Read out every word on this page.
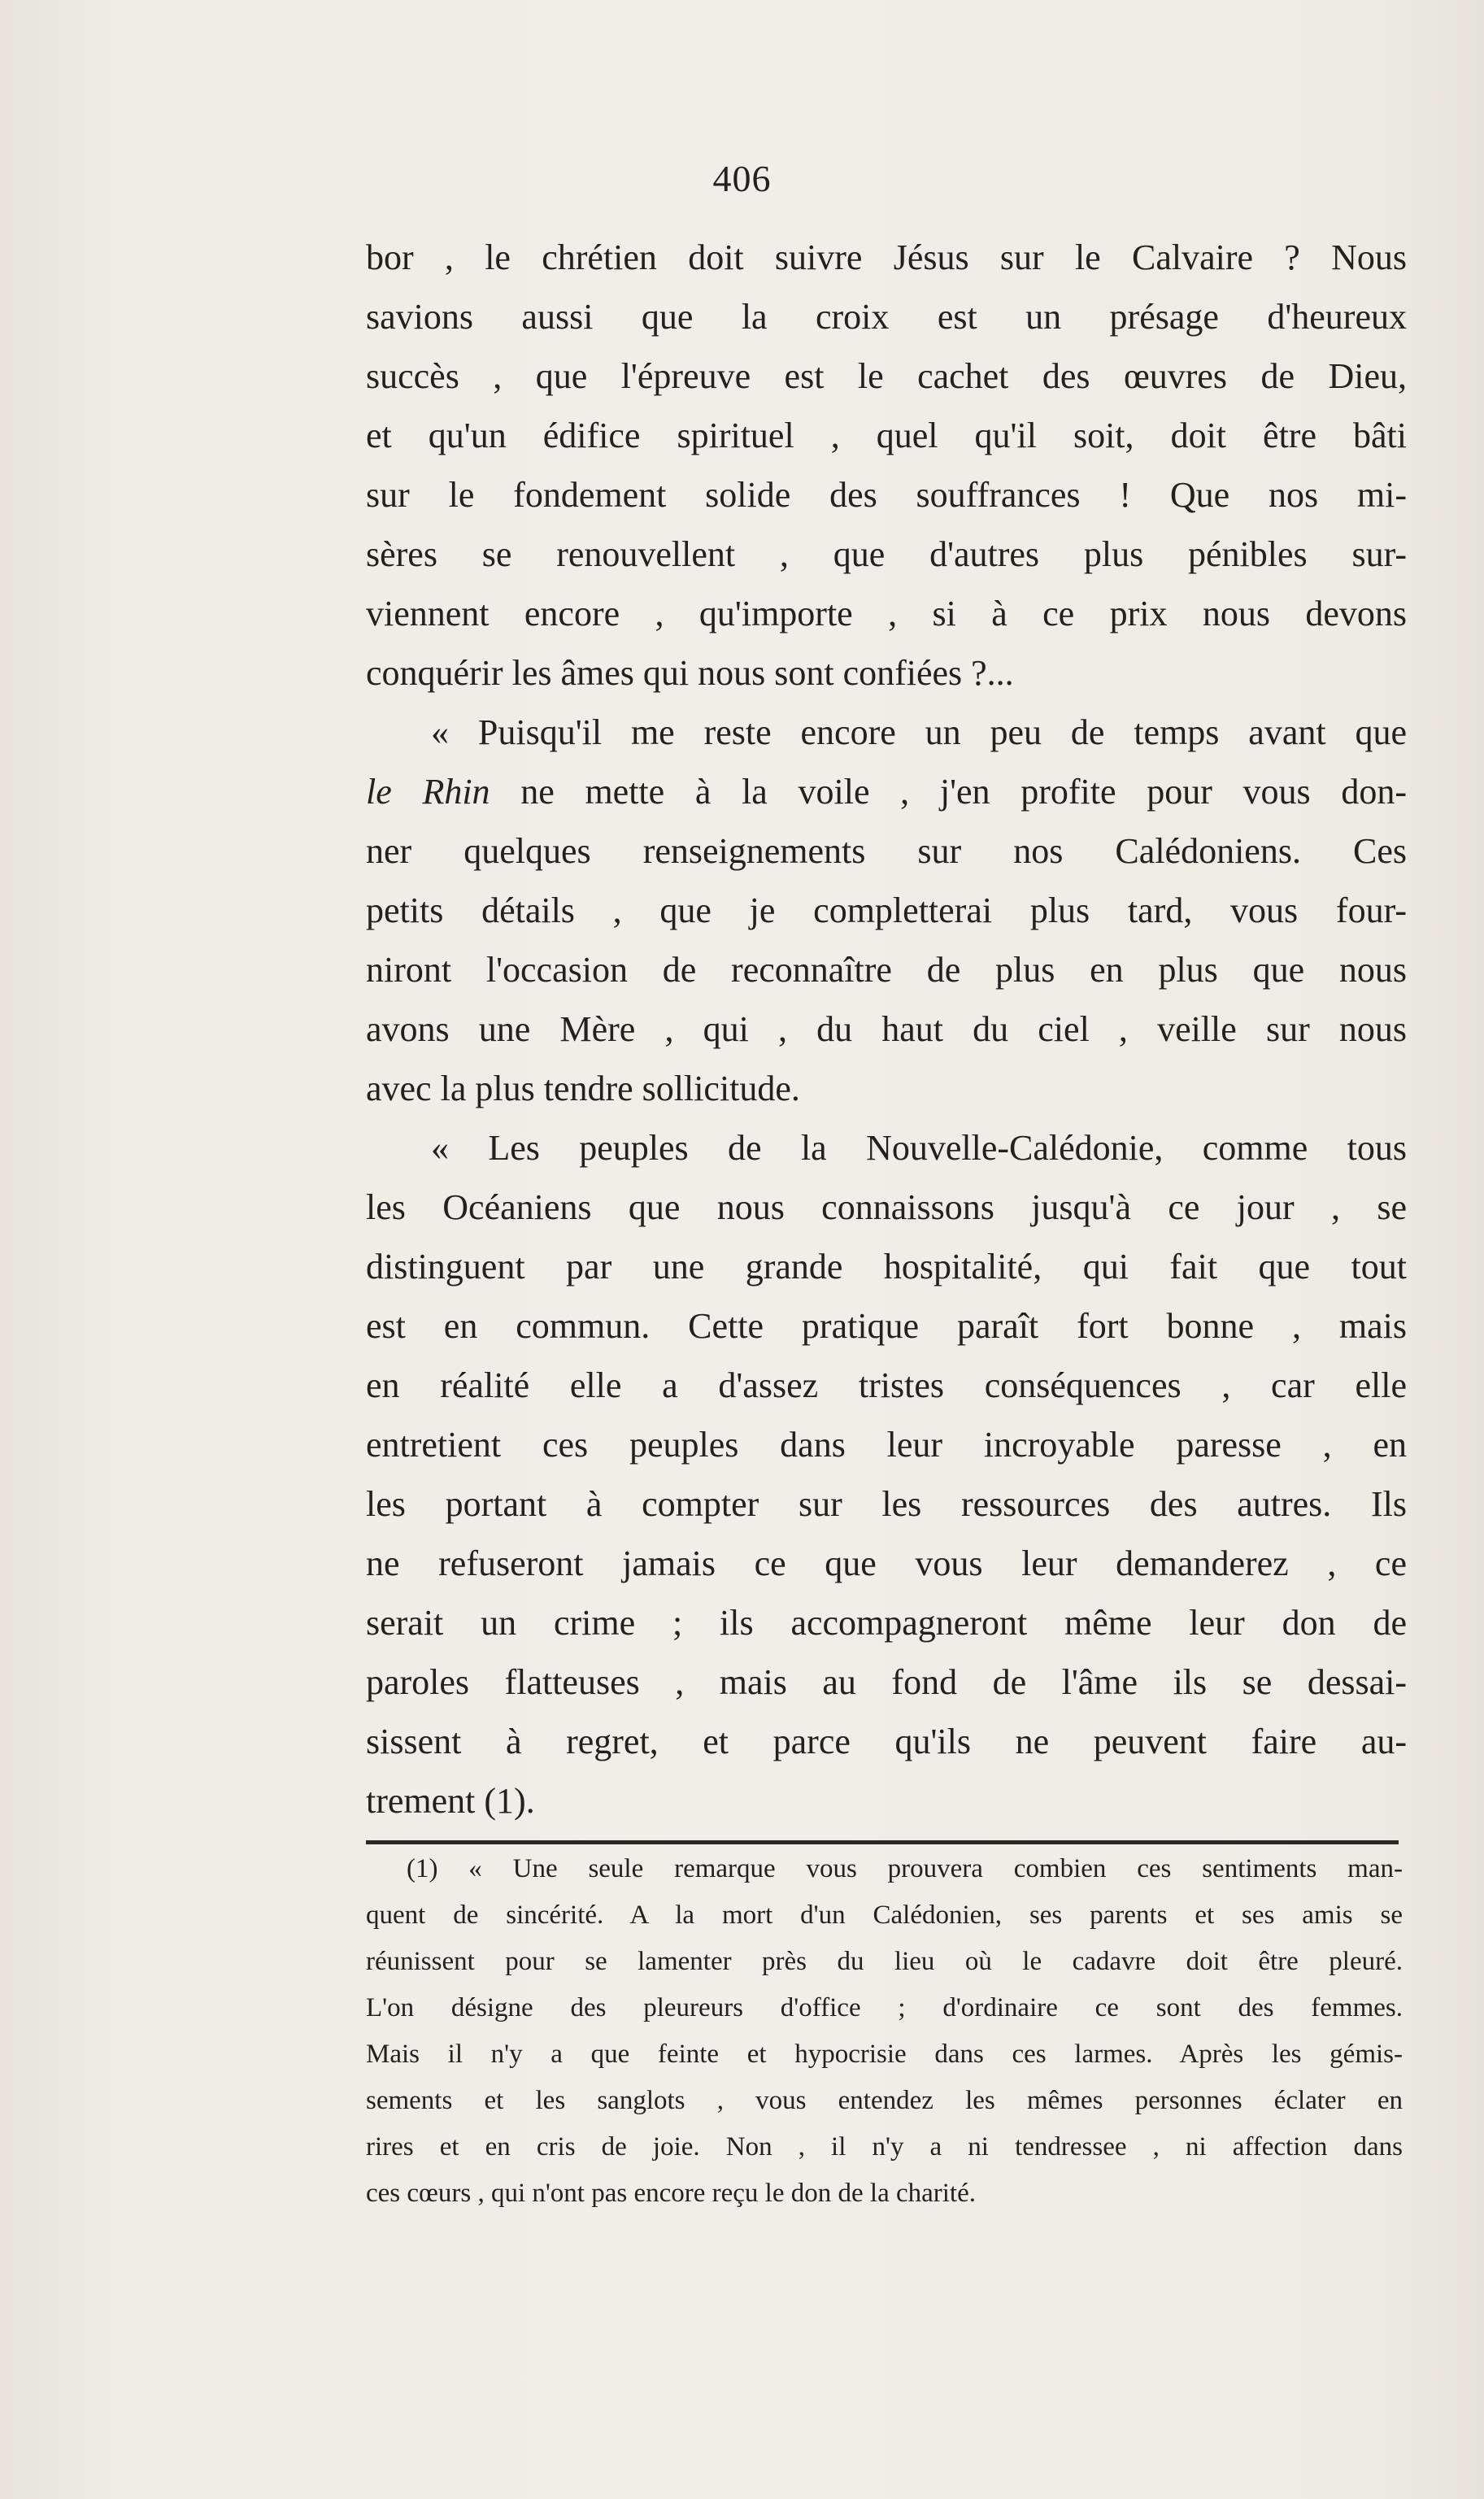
406
bor , le chrétien doit suivre Jésus sur le Calvaire ? Nous
savions aussi que la croix est un présage d'heureux
succès , que l'épreuve est le cachet des œuvres de Dieu,
et qu'un édifice spirituel , quel qu'il soit, doit être bâti
sur le fondement solide des souffrances ! Que nos mi-
sères se renouvellent , que d'autres plus pénibles sur-
viennent encore , qu'importe , si à ce prix nous devons
conquérir les âmes qui nous sont confiées ?...
« Puisqu'il me reste encore un peu de temps avant que
le Rhin ne mette à la voile , j'en profite pour vous don-
ner quelques renseignements sur nos Calédoniens. Ces
petits détails , que je completterai plus tard, vous four-
niront l'occasion de reconnaître de plus en plus que nous
avons une Mère , qui , du haut du ciel , veille sur nous
avec la plus tendre sollicitude.
« Les peuples de la Nouvelle-Calédonie, comme tous
les Océaniens que nous connaissons jusqu'à ce jour , se
distinguent par une grande hospitalité, qui fait que tout
est en commun. Cette pratique paraît fort bonne , mais
en réalité elle a d'assez tristes conséquences , car elle
entretient ces peuples dans leur incroyable paresse , en
les portant à compter sur les ressources des autres. Ils
ne refuseront jamais ce que vous leur demanderez , ce
serait un crime ; ils accompagneront même leur don de
paroles flatteuses , mais au fond de l'âme ils se dessai-
sissent à regret, et parce qu'ils ne peuvent faire au-
trement (1).
(1) « Une seule remarque vous prouvera combien ces sentiments man-
quent de sincérité. A la mort d'un Calédonien, ses parents et ses amis se
réunissent pour se lamenter près du lieu où le cadavre doit être pleuré.
L'on désigne des pleureurs d'office ; d'ordinaire ce sont des femmes.
Mais il n'y a que feinte et hypocrisie dans ces larmes. Après les gémis-
sements et les sanglots , vous entendez les mêmes personnes éclater en
rires et en cris de joie. Non , il n'y a ni tendressee , ni affection dans
ces cœurs , qui n'ont pas encore reçu le don de la charité.
